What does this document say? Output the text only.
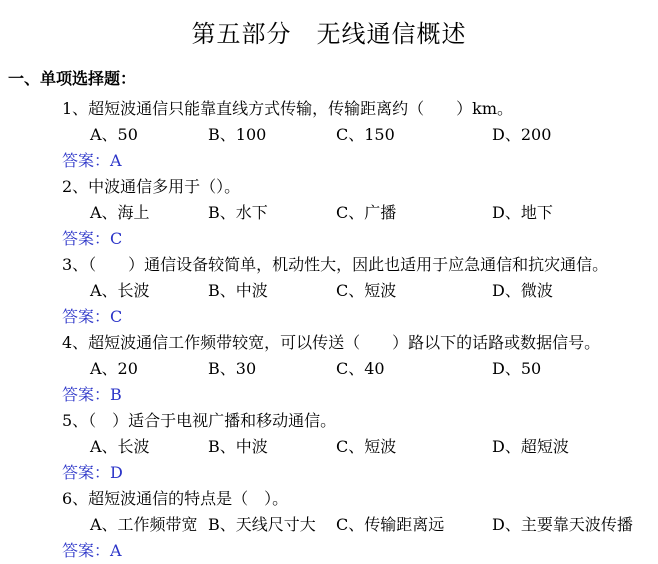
第五部分　无线通信概述
一、单项选择题：
1、超短波通信只能靠直线方式传输，传输距离约（　　）km。
A、50	B、100	C、150	D、200
答案：A
2、中波通信多用于（）。
A、海上	B、水下	C、广播	D、地下
答案：C
3、（　　）通信设备较简单，机动性大，因此也适用于应急通信和抗灾通信。
A、长波	B、中波	C、短波	D、微波
答案：C
4、超短波通信工作频带较宽，可以传送（　　）路以下的话路或数据信号。
A、20	B、30	C、40	D、50
答案：B
5、（　）适合于电视广播和移动通信。
A、长波	B、中波	C、短波	D、超短波
答案：D
6、超短波通信的特点是（　）。
A、工作频带宽 B、天线尺寸大 C、传输距离远	D、主要靠天波传播
答案：A
